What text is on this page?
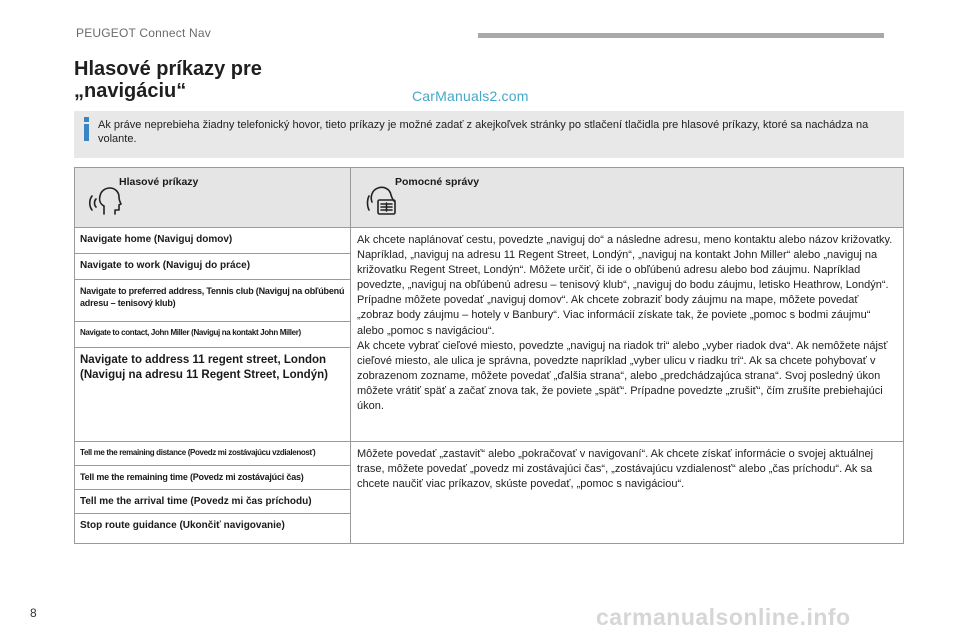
PEUGEOT Connect Nav
Hlasové príkazy pre
„navigáciu“	CarManuals2.com
Ak práve neprebieha žiadny telefonický hovor, tieto príkazy je možné zadať z akejkoľvek stránky po stlačení tlačidla pre hlasové príkazy, ktoré sa nachádza na volante.
Hlasové príkazy	Pomocné správy

Navigate home (Naviguj domov)	Ak chcete naplánovať cestu, povedzte „naviguj do“ a následne adresu, meno kontaktu alebo názov križovatky. Napríklad, „naviguj na adresu 11 Regent Street, Londýn“, „naviguj na kontakt John Miller“ alebo „naviguj na križovatku Regent Street, Londýn“. Môžete určiť, či ide o obľúbenú adresu alebo bod záujmu. Napríklad povedzte, „naviguj na obľúbenú adresu – tenisový klub“, „naviguj do bodu záujmu, letisko Heathrow, Londýn“. Prípadne môžete povedať „naviguj domov“. Ak chcete zobraziť body záujmu na mape, môžete povedať „zobraz body záujmu – hotely v Banbury“. Viac informácií získate tak, že poviete „pomoc s bodmi záujmu“ alebo „pomoc s navigáciou“.
Ak chcete vybrať cieľové miesto, povedzte „naviguj na riadok tri“ alebo „vyber riadok dva“. Ak nemôžete nájsť cieľové miesto, ale ulica je správna, povedzte napríklad „vyber ulicu v riadku tri“. Ak sa chcete pohybovať v zobrazenom zozname, môžete povedať „ďalšia strana“, alebo „predchádzajúca strana“. Svoj posledný úkon môžete vrátiť späť a začať znova tak, že poviete „späť“. Prípadne povedzte „zrušiť“, čím zrušíte prebiehajúci úkon.
Navigate to work (Naviguj do práce)	
Navigate to preferred address, Tennis club (Naviguj na obľúbenú adresu – tenisový klub)	
Navigate to contact, John Miller (Naviguj na kontakt John Miller)	
Navigate to address 11 regent street, London (Naviguj na adresu 11 Regent Street, Londýn)	
Tell me the remaining distance (Povedz mi zostávajúcu vzdialenosť)	Môžete povedať „zastaviť“ alebo „pokračovať v navigovaní“. Ak chcete získať informácie o svojej aktuálnej trase, môžete povedať „povedz mi zostávajúci čas“, „zostávajúcu vzdialenosť“ alebo „čas príchodu“. Ak sa chcete naučiť viac príkazov, skúste povedať, „pomoc s navigáciou“.
Tell me the remaining time (Povedz mi zostávajúci čas)	
Tell me the arrival time (Povedz mi čas príchodu)	
Stop route guidance (Ukončiť navigovanie)	
8	carmanualsonline.info
